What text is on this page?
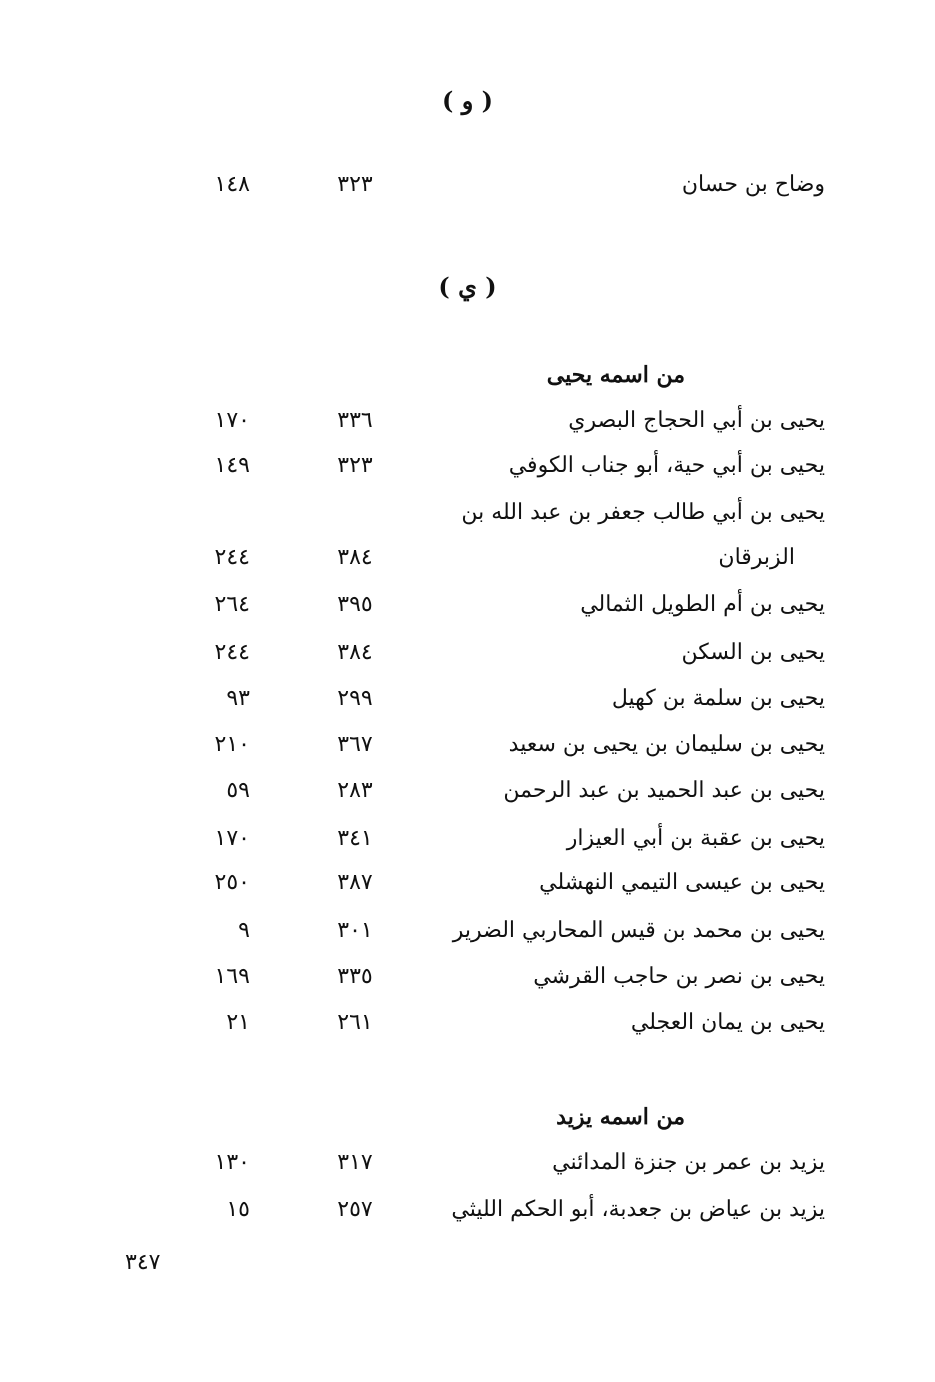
( و )
وضاح بن حسان
٣٢٣
١٤٨
( ي )
من اسمه يحيى
يحيى بن أبي الحجاج البصري
٣٣٦
١٧٠
يحيى بن أبي حية، أبو جناب الكوفي
٣٢٣
١٤٩
يحيى بن أبي طالب جعفر بن عبد الله بن
الزبرقان
٣٨٤
٢٤٤
يحيى بن أم الطويل الثمالي
٣٩٥
٢٦٤
يحيى بن السكن
٣٨٤
٢٤٤
يحيى بن سلمة بن كهيل
٢٩٩
٩٣
يحيى بن سليمان بن يحيى بن سعيد
٣٦٧
٢١٠
يحيى بن عبد الحميد بن عبد الرحمن
٢٨٣
٥٩
يحيى بن عقبة بن أبي العيزار
٣٤١
١٧٠
يحيى بن عيسى التيمي النهشلي
٣٨٧
٢٥٠
يحيى بن محمد بن قيس المحاربي الضرير
٣٠١
٩
يحيى بن نصر بن حاجب القرشي
٣٣٥
١٦٩
يحيى بن يمان العجلي
٢٦١
٢١
من اسمه يزيد
يزيد بن عمر بن جنزة المدائني
٣١٧
١٣٠
يزيد بن عياض بن جعدبة، أبو الحكم الليثي
٢٥٧
١٥
٣٤٧
